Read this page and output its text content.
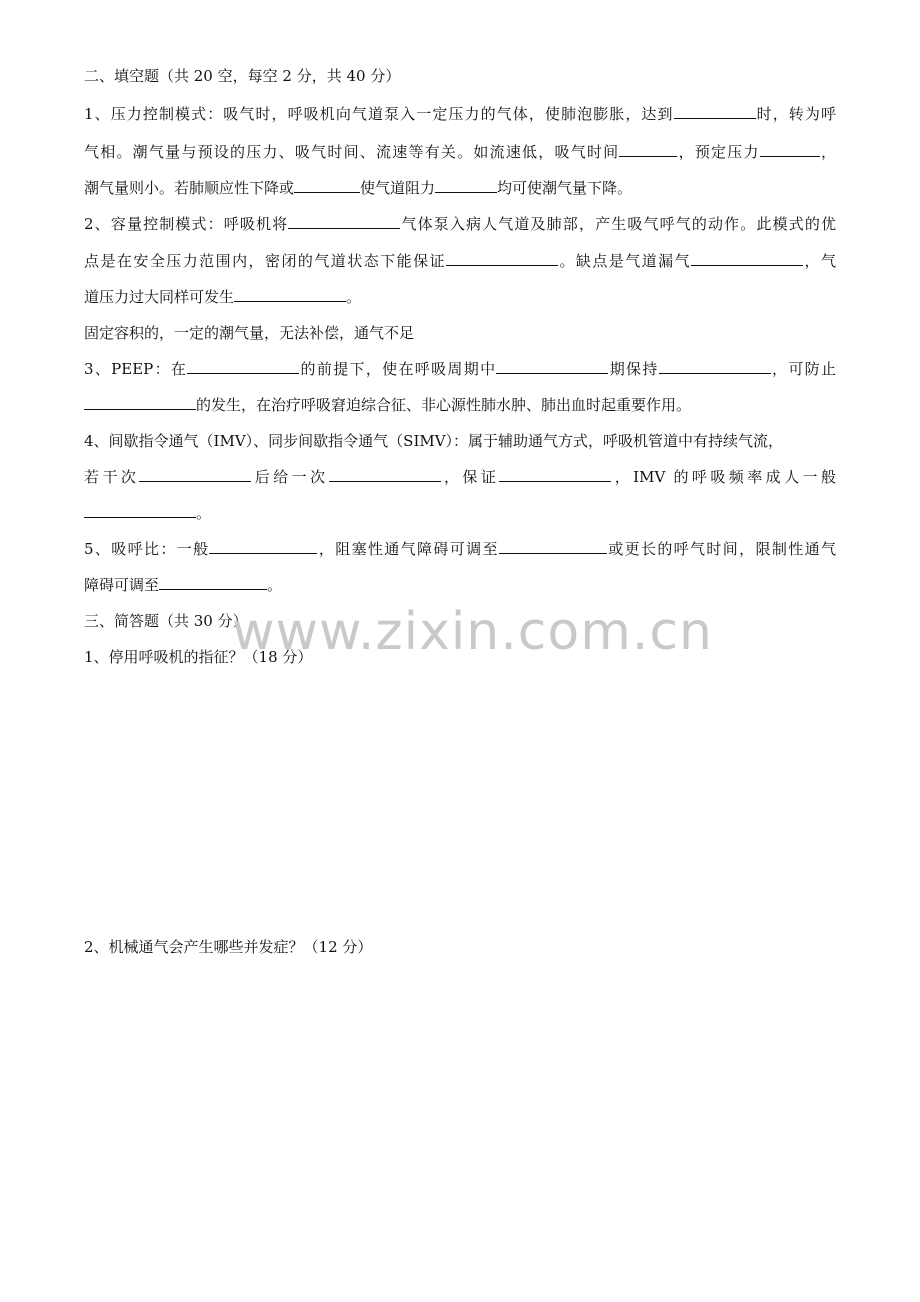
二、填空题（共 20 空，每空 2 分，共 40 分）
1、压力控制模式：吸气时，呼吸机向气道泵入一定压力的气体，使肺泡膨胀，达到	时，转为呼
气相。潮气量与预设的压力、吸气时间、流速等有关。如流速低，吸气时间	，预定压力	，
潮气量则小。若肺顺应性下降或	使气道阻力	均可使潮气量下降。
2、容量控制模式：呼吸机将	气体泵入病人气道及肺部，产生吸气呼气的动作。此模式的优
点是在安全压力范围内，密闭的气道状态下能保证	。缺点是气道漏气	，气
道压力过大同样可发生	。
固定容积的，一定的潮气量，无法补偿，通气不足
3、PEEP：在	的前提下，使在呼吸周期中	期保持	，可防止
的发生，在治疗呼吸窘迫综合征、非心源性肺水肿、肺出血时起重要作用。
4、间歇指令通气（IMV）、同步间歇指令通气（SIMV）：属于辅助通气方式，呼吸机管道中有持续气流，
若干次	后给一次	，保证	，IMV 的呼吸频率成人一般
。
5、吸呼比：一般	，阻塞性通气障碍可调至	或更长的呼气时间，限制性通气
障碍可调至	。
三、简答题（共 30 分）
1、停用呼吸机的指征？（18 分）
2、机械通气会产生哪些并发症？（12 分）
www.zixin.com.cn
